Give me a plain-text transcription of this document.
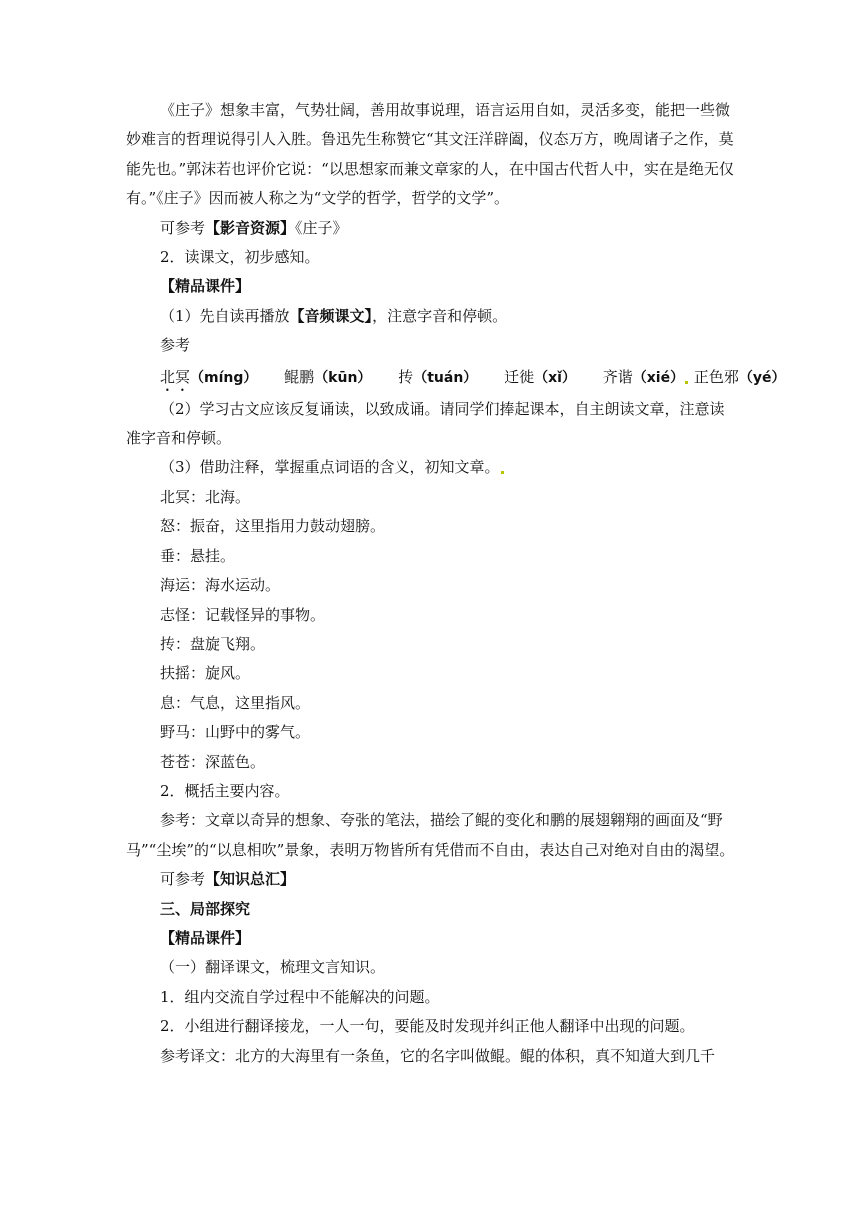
《庄子》想象丰富，气势壮阔，善用故事说理，语言运用自如，灵活多变，能把一些微妙难言的哲理说得引人入胜。鲁迅先生称赞它“其文汪洋辟阖，仪态万方，晚周诸子之作，莫能先也。”郭沫若也评价它说：“以思想家而兼文章家的人，在中国古代哲人中，实在是绝无仅有。”《庄子》因而被人称之为“文学的哲学，哲学的文学”。

可参考【影音资源】《庄子》

2．读课文，初步感知。

【精品课件】

（1）先自读再播放【音频课文】，注意字音和停顿。

参考

北冥（míng） 鲲鹏（kūn） 抟（tuán） 迁徙（xǐ） 齐谐（xié） 正色邪（yé）

（2）学习古文应该反复诵读，以致成诵。请同学们捧起课本，自主朗读文章，注意读准字音和停顿。

（3）借助注释，掌握重点词语的含义，初知文章。

北冥：北海。

怒：振奋，这里指用力鼓动翅膀。

垂：悬挂。

海运：海水运动。

志怪：记载怪异的事物。

抟：盘旋飞翔。

扶摇：旋风。

息：气息，这里指风。

野马：山野中的雾气。

苍苍：深蓝色。

2．概括主要内容。

参考：文章以奇异的想象、夸张的笔法，描绘了鲲的变化和鹏的展翅翱翔的画面及“野马”“尘埃”的“以息相吹”景象，表明万物皆所有凭借而不自由，表达自己对绝对自由的渴望。

可参考【知识总汇】

三、局部探究

【精品课件】

（一）翻译课文，梳理文言知识。

1．组内交流自学过程中不能解决的问题。

2．小组进行翻译接龙，一人一句，要能及时发现并纠正他人翻译中出现的问题。

参考译文：北方的大海里有一条鱼，它的名字叫做鲲。鲲的体积，真不知道大到几千
